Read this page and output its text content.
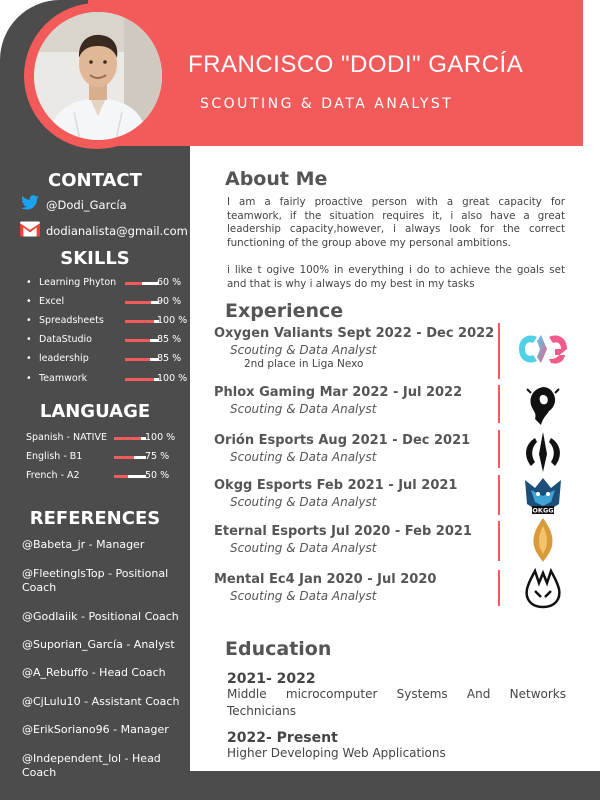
FRANCISCO "DODI" GARCÍA
SCOUTING & DATA ANALYST
CONTACT
@Dodi_García
dodianalista@gmail.com
SKILLS
• Learning Phyton	60 %
• Excel	90 %
• Spreadsheets	100 %
• DataStudio	85 %
• leadership	85 %
• Teamwork	100 %
LANGUAGE
Spanish - NATIVE	100 %
English - B1	75 %
French - A2	50 %
REFERENCES
@Babeta_jr - Manager
@FleetinglsTop - Positional Coach
@Godlaiik - Positional Coach
@Suporian_García - Analyst
@A_Rebuffo - Head Coach
@CjLulu10 - Assistant Coach
@ErikSoriano96 - Manager
@Independent_lol - Head Coach
About Me

I am a fairly proactive person with a great capacity for teamwork, if the situation requires it, i also have a great leadership capacity,however, i always look for the correct functioning of the group above my personal ambitions.

i like t ogive 100% in everything i do to achieve the goals set and that is why i always do my best in my tasks

Experience
Oxygen Valiants Sept 2022 - Dec 2022
Scouting & Data Analyst
2nd place in Liga Nexo
Phlox Gaming Mar 2022 - Jul 2022
Scouting & Data Analyst
Orión Esports Aug 2021 - Dec 2021
Scouting & Data Analyst
Okgg Esports Feb 2021 - Jul 2021
Scouting & Data Analyst
Eternal Esports Jul 2020 - Feb 2021
Scouting & Data Analyst
Mental Ec4 Jan 2020 - Jul 2020
Scouting & Data Analyst
OKGG
Education
2021- 2022
Middle microcomputer Systems And Networks Technicians
2022- Present
Higher Developing Web Applications
